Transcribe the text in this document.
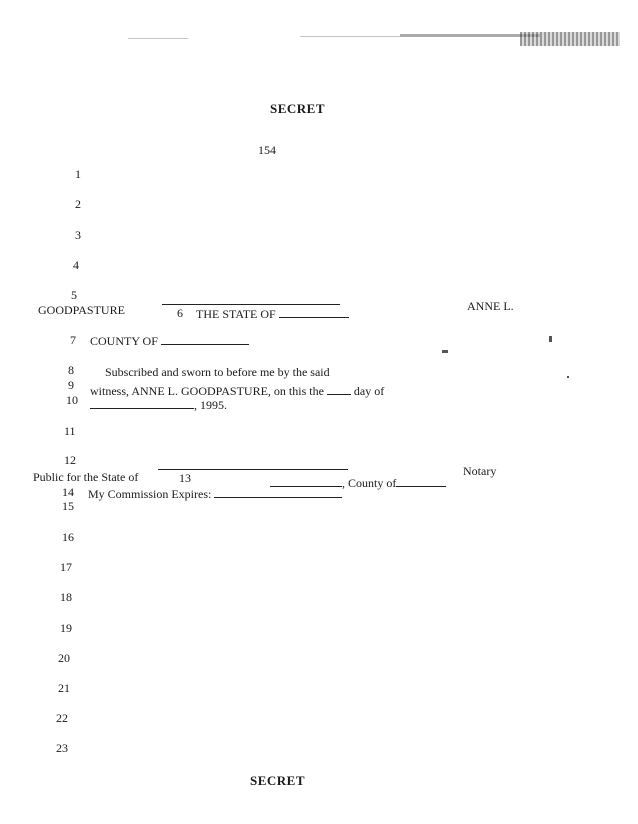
SECRET
154
1
2
3
4
5
GOODPASTURE	ANNE L.
6 THE STATE OF
7 COUNTY OF
8	Subscribed and sworn to before me by the said
9 witness, ANNE L. GOODPASTURE, on this the	day of
10	, 1995.
11
12
Notary
Public for the State of	13	, County of
14 My Commission Expires:
15
16
17
18
19
20
21
22
23
SECRET
